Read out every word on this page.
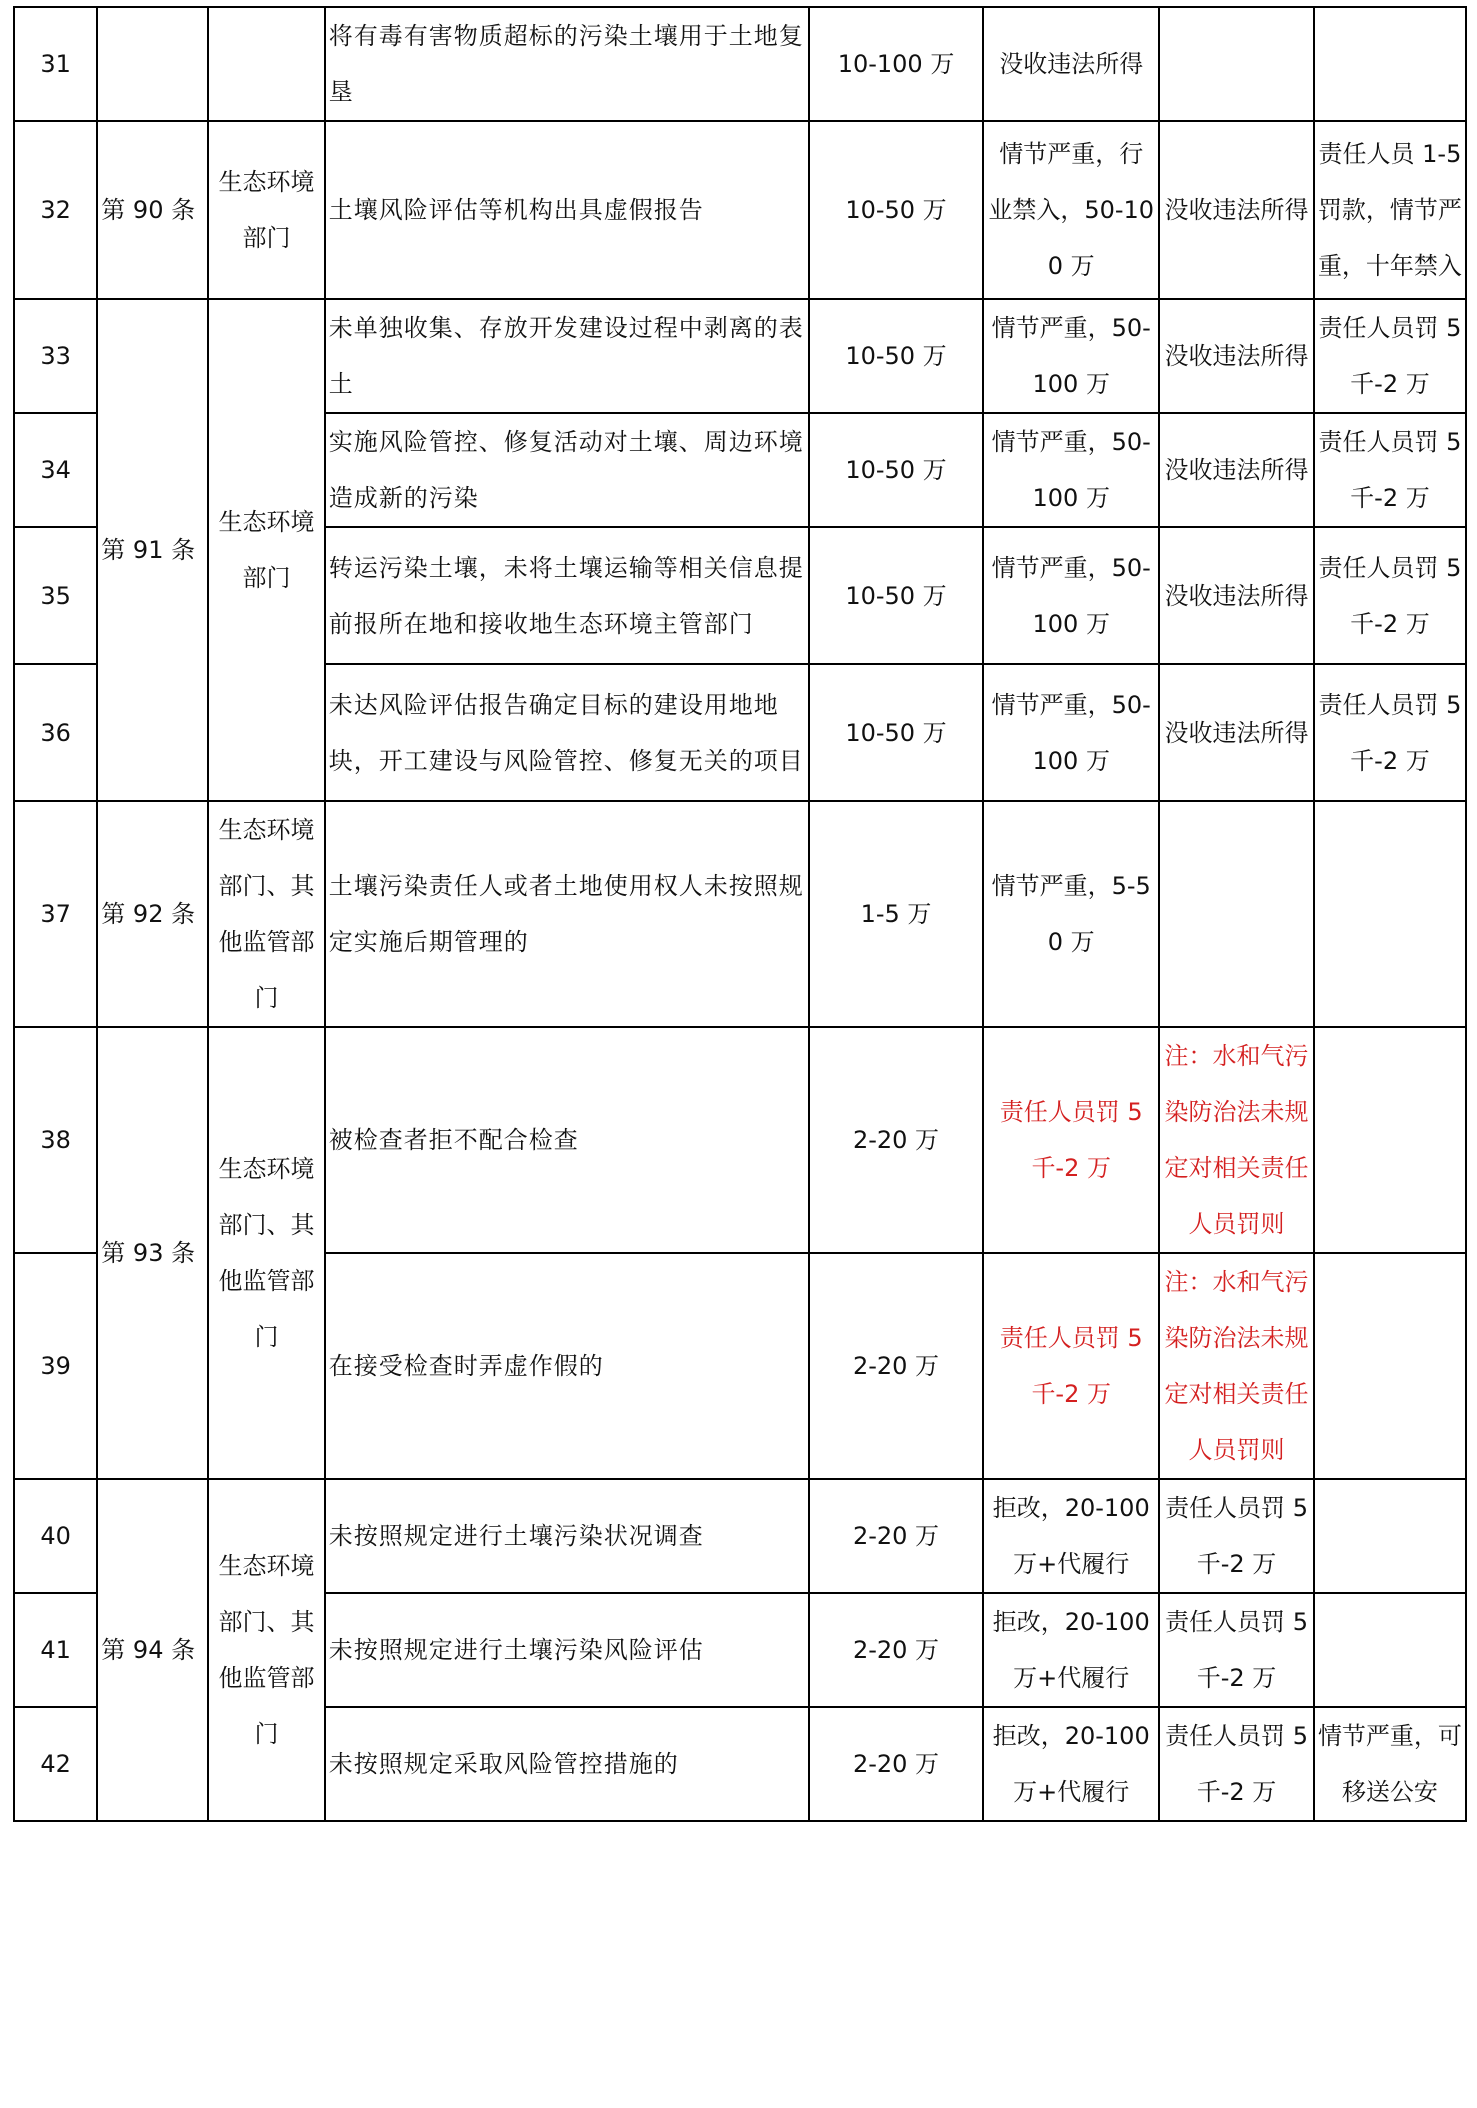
31			将有毒有害物质超标的污染土壤用于土地复垦	10-100 万	没收违法所得		
32	第 90 条	生态环境部门	土壤风险评估等机构出具虚假报告	10-50 万	情节严重，行业禁入，50-100 万	没收违法所得	责任人员 1-5 罚款，情节严重，十年禁入
33	第 91 条	生态环境部门	未单独收集、存放开发建设过程中剥离的表土	10-50 万	情节严重，50-100 万	没收违法所得	责任人员罚 5 千-2 万
34			实施风险管控、修复活动对土壤、周边环境造成新的污染	10-50 万	情节严重，50-100 万	没收违法所得	责任人员罚 5 千-2 万
35			转运污染土壤，未将土壤运输等相关信息提前报所在地和接收地生态环境主管部门	10-50 万	情节严重，50-100 万	没收违法所得	责任人员罚 5 千-2 万
36			未达风险评估报告确定目标的建设用地地块，开工建设与风险管控、修复无关的项目	10-50 万	情节严重，50-100 万	没收违法所得	责任人员罚 5 千-2 万
37	第 92 条	生态环境部门、其他监管部门	土壤污染责任人或者土地使用权人未按照规定实施后期管理的	1-5 万	情节严重，5-50 万		
38	第 93 条	生态环境部门、其他监管部门	被检查者拒不配合检查	2-20 万	责任人员罚 5 千-2 万	注：水和气污染防治法未规定对相关责任人员罚则	
39			在接受检查时弄虚作假的	2-20 万	责任人员罚 5 千-2 万	注：水和气污染防治法未规定对相关责任人员罚则	
40	第 94 条	生态环境部门、其他监管部门	未按照规定进行土壤污染状况调查	2-20 万	拒改，20-100 万+代履行	责任人员罚 5 千-2 万	
41			未按照规定进行土壤污染风险评估	2-20 万	拒改，20-100 万+代履行	责任人员罚 5 千-2 万	
42			未按照规定采取风险管控措施的	2-20 万	拒改，20-100 万+代履行	责任人员罚 5 千-2 万	情节严重，可移送公安
